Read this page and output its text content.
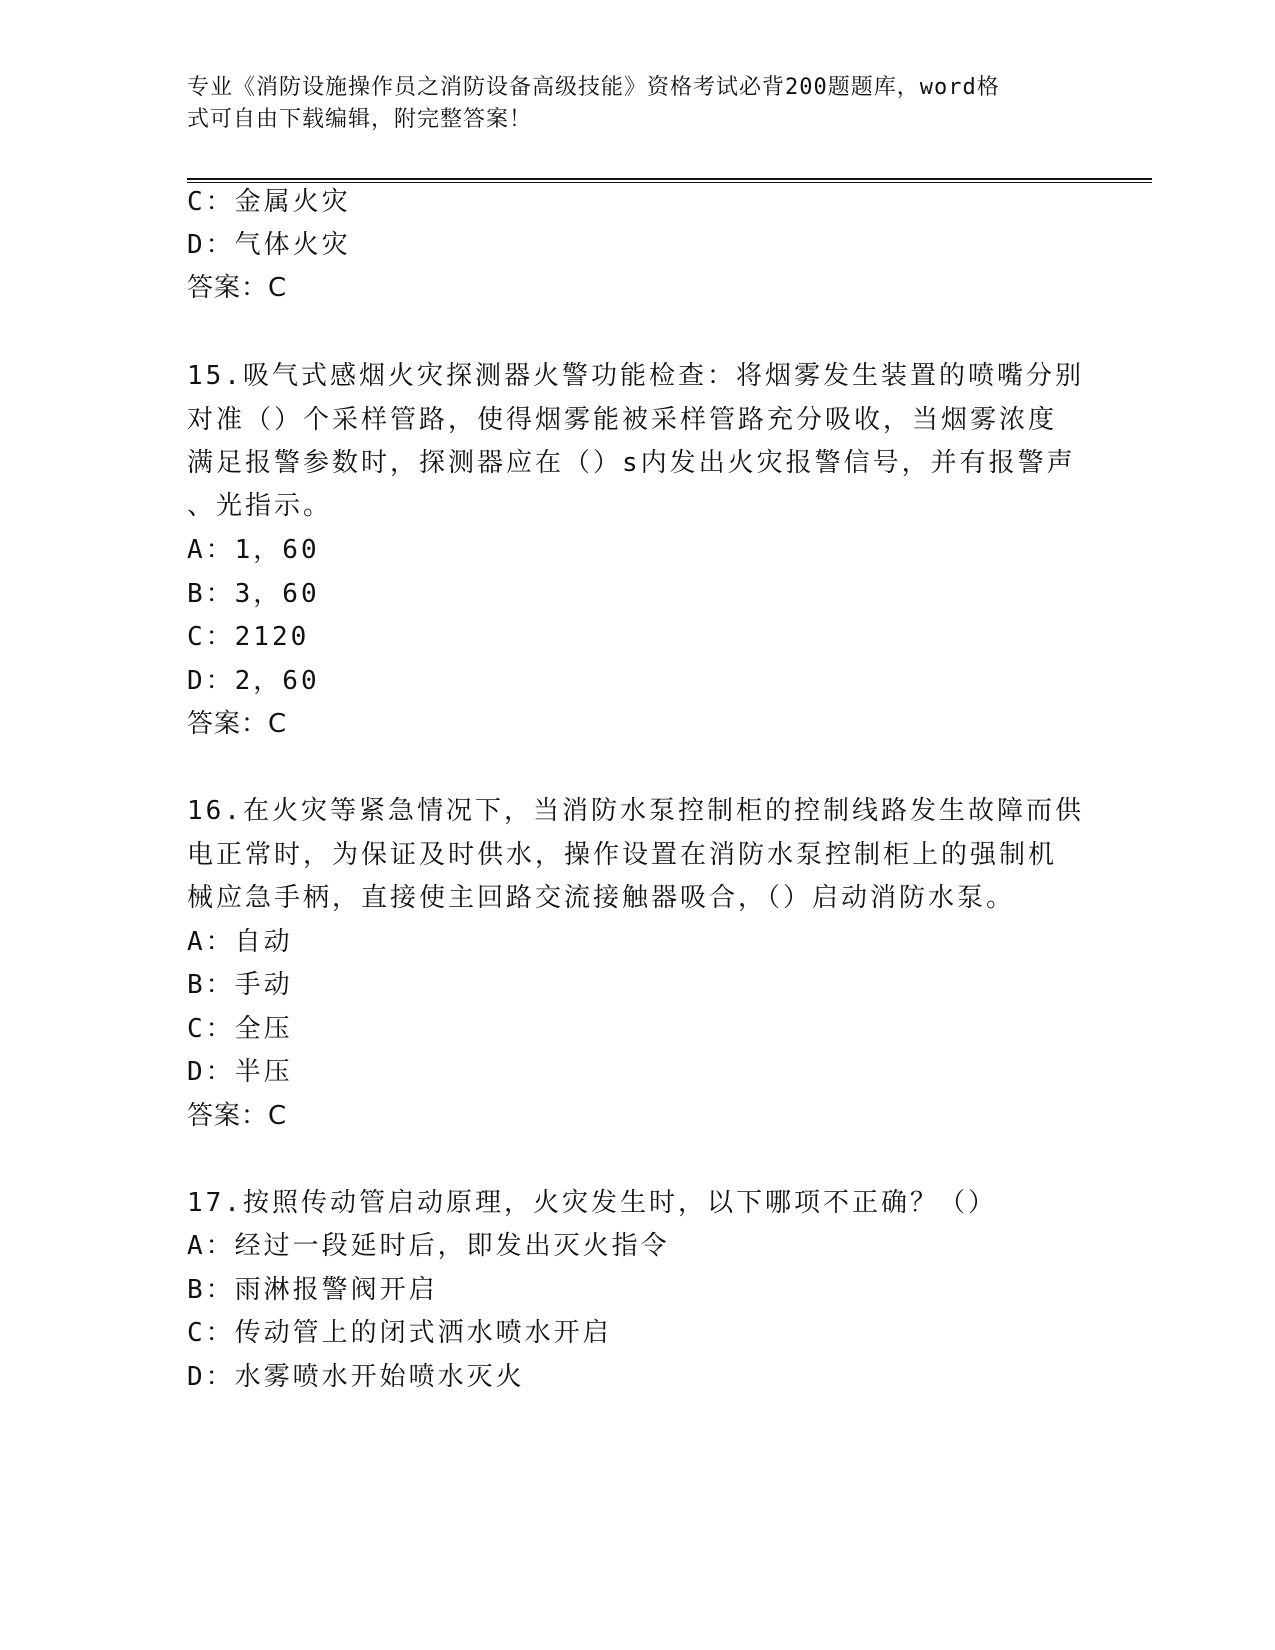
专业《消防设施操作员之消防设备高级技能》资格考试必背200题题库，word格
式可自由下载编辑，附完整答案！
C：金属火灾
D：气体火灾
答案：C
15.吸气式感烟火灾探测器火警功能检查：将烟雾发生装置的喷嘴分别
对准（）个采样管路，使得烟雾能被采样管路充分吸收，当烟雾浓度
满足报警参数时，探测器应在（）s内发出火灾报警信号，并有报警声
、光指示。
A：1，60
B：3，60
C：2120
D：2，60
答案：C
16.在火灾等紧急情况下，当消防水泵控制柜的控制线路发生故障而供
电正常时，为保证及时供水，操作设置在消防水泵控制柜上的强制机
械应急手柄，直接使主回路交流接触器吸合，（）启动消防水泵。
A：自动
B：手动
C：全压
D：半压
答案：C
17.按照传动管启动原理，火灾发生时，以下哪项不正确？（）
A：经过一段延时后，即发出灭火指令
B：雨淋报警阀开启
C：传动管上的闭式洒水喷水开启
D：水雾喷水开始喷水灭火
